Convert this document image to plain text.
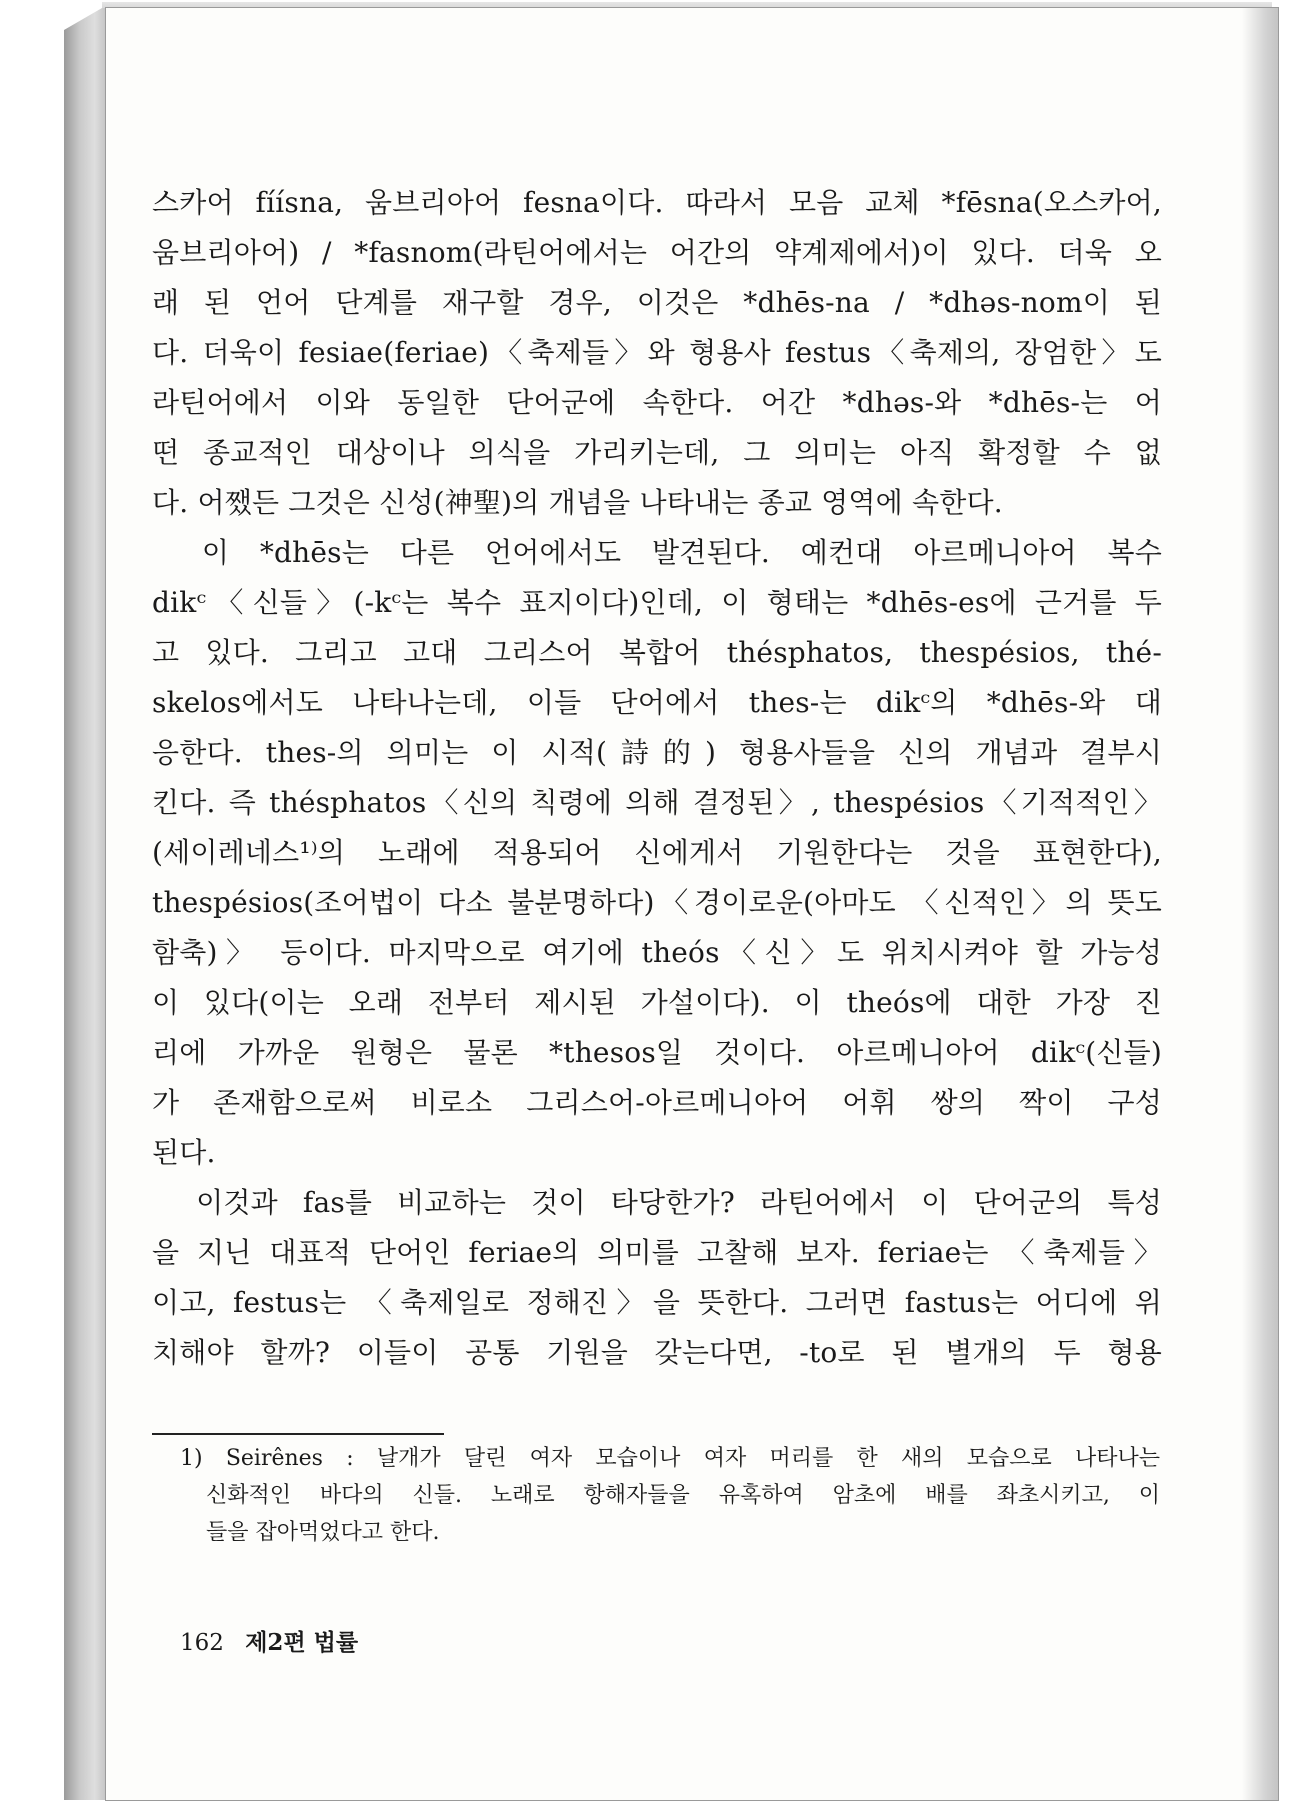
스카어 fíísna, 움브리아어 fesna이다. 따라서 모음 교체 *fēsna(오스카어,
움브리아어) / *fasnom(라틴어에서는 어간의 약계제에서)이 있다. 더욱 오
래 된 언어 단계를 재구할 경우, 이것은 *dhēs-na / *dhəs-nom이 된
다. 더욱이 fesiae(feriae)〈축제들〉와 형용사 festus〈축제의, 장엄한〉도
라틴어에서 이와 동일한 단어군에 속한다. 어간 *dhəs-와 *dhēs-는 어
떤 종교적인 대상이나 의식을 가리키는데, 그 의미는 아직 확정할 수 없
다. 어쨌든 그것은 신성(神聖)의 개념을 나타내는 종교 영역에 속한다.
　이 *dhēs는 다른 언어에서도 발견된다. 예컨대 아르메니아어 복수
dikᶜ〈신들〉(-kᶜ는 복수 표지이다)인데, 이 형태는 *dhēs-es에 근거를 두
고 있다. 그리고 고대 그리스어 복합어 thésphatos, thespésios, thé-
skelos에서도 나타나는데, 이들 단어에서 thes-는 dikᶜ의 *dhēs-와 대
응한다. thes-의 의미는 이 시적(詩的) 형용사들을 신의 개념과 결부시
킨다. 즉 thésphatos〈신의 칙령에 의해 결정된〉, thespésios〈기적적인〉
(세이레네스¹⁾의 노래에 적용되어 신에게서 기원한다는 것을 표현한다),
thespésios(조어법이 다소 불분명하다)〈경이로운(아마도 〈신적인〉의 뜻도
함축)〉 등이다. 마지막으로 여기에 theós〈신〉도 위치시켜야 할 가능성
이 있다(이는 오래 전부터 제시된 가설이다). 이 theós에 대한 가장 진
리에 가까운 원형은 물론 *thesos일 것이다. 아르메니아어 dikᶜ(신들)
가 존재함으로써 비로소 그리스어-아르메니아어 어휘 쌍의 짝이 구성
된다.
　이것과 fas를 비교하는 것이 타당한가? 라틴어에서 이 단어군의 특성
을 지닌 대표적 단어인 feriae의 의미를 고찰해 보자. feriae는 〈축제들〉
이고, festus는 〈축제일로 정해진〉을 뜻한다. 그러면 fastus는 어디에 위
치해야 할까? 이들이 공통 기원을 갖는다면, -to로 된 별개의 두 형용
1) Seirênes : 날개가 달린 여자 모습이나 여자 머리를 한 새의 모습으로 나타나는
신화적인 바다의 신들. 노래로 항해자들을 유혹하여 암초에 배를 좌초시키고, 이
들을 잡아먹었다고 한다.
162 제2편 법률
